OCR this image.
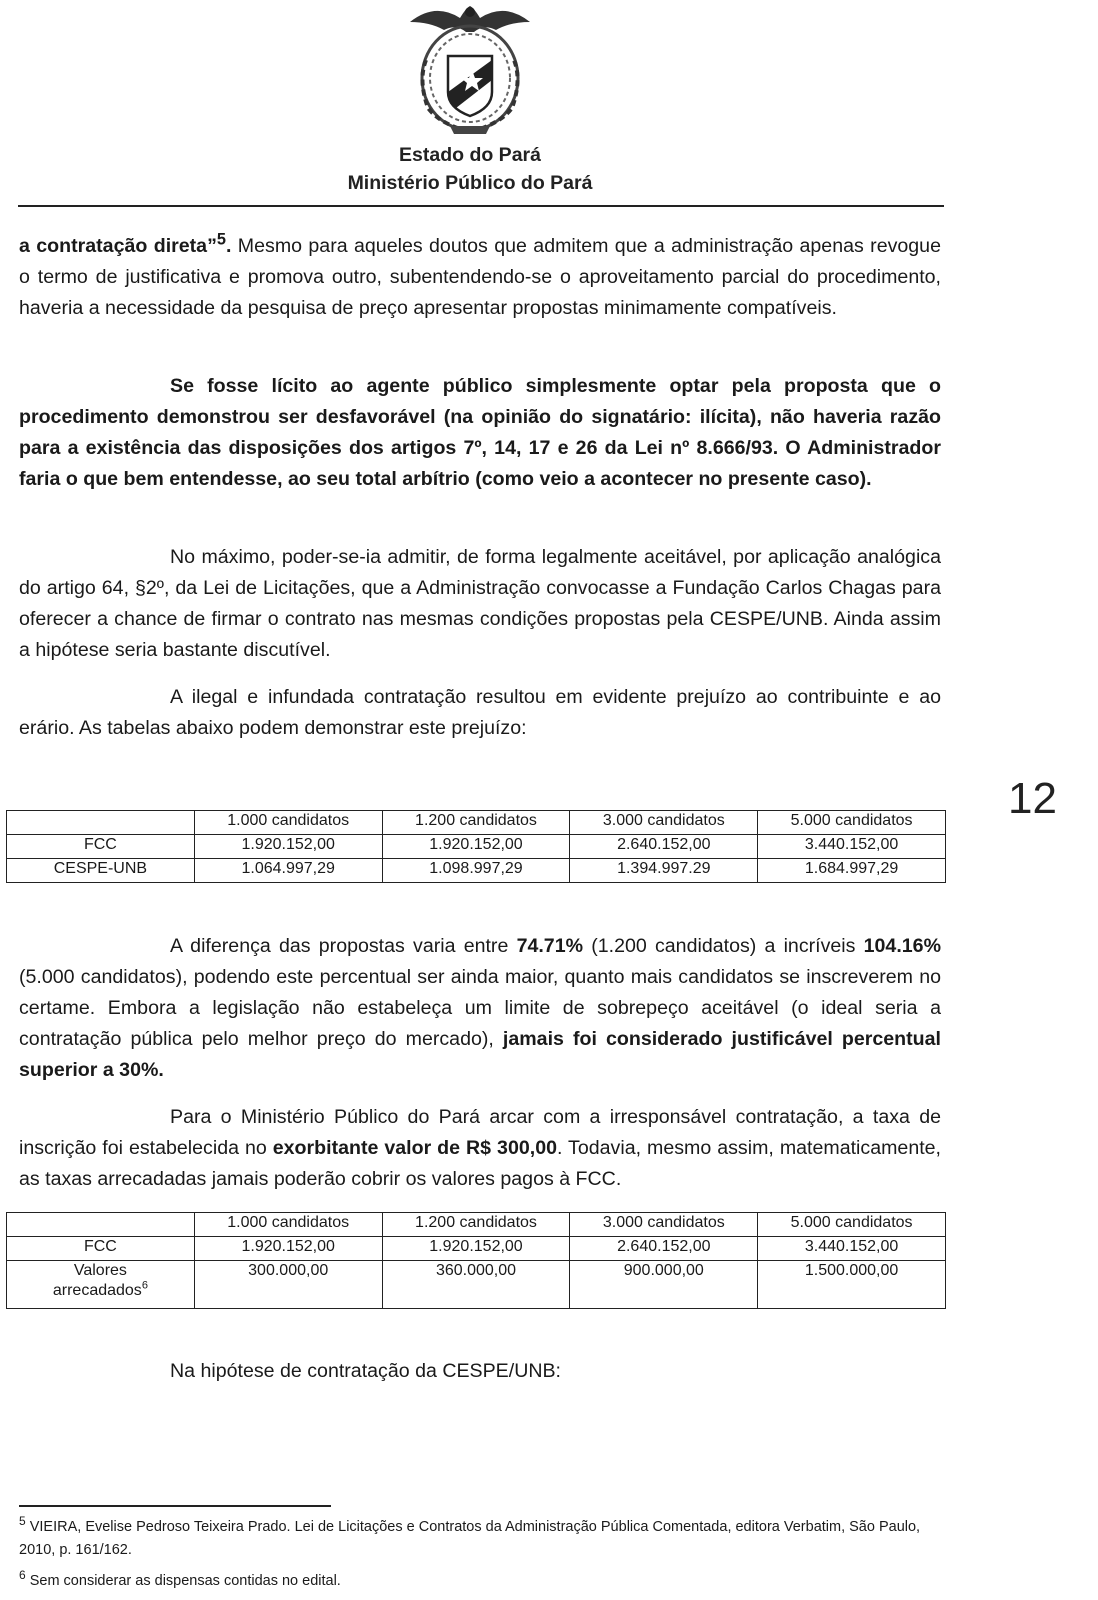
Estado do Pará
Ministério Público do Pará
a contratação direta”$^5$. Mesmo para aqueles doutos que admitem que a administração apenas revogue o termo de justificativa e promova outro, subentendendo-se o aproveitamento parcial do procedimento, haveria a necessidade da pesquisa de preço apresentar propostas minimamente compatíveis.
Se fosse lícito ao agente público simplesmente optar pela proposta que o procedimento demonstrou ser desfavorável (na opinião do signatário: ilícita), não haveria razão para a existência das disposições dos artigos 7º, 14, 17 e 26 da Lei nº 8.666/93. O Administrador faria o que bem entendesse, ao seu total arbítrio (como veio a acontecer no presente caso).
No máximo, poder-se-ia admitir, de forma legalmente aceitável, por aplicação analógica do artigo 64, §2º, da Lei de Licitações, que a Administração convocasse a Fundação Carlos Chagas para oferecer a chance de firmar o contrato nas mesmas condições propostas pela CESPE/UNB. Ainda assim a hipótese seria bastante discutível.
A ilegal e infundada contratação resultou em evidente prejuízo ao contribuinte e ao erário. As tabelas abaixo podem demonstrar este prejuízo:
12
	1.000 candidatos	1.200 candidatos	3.000 candidatos	5.000 candidatos
FCC	1.920.152,00	1.920.152,00	2.640.152,00	3.440.152,00
CESPE-UNB	1.064.997,29	1.098.997,29	1.394.997.29	1.684.997,29
A diferença das propostas varia entre 74.71% (1.200 candidatos) a incríveis 104.16% (5.000 candidatos), podendo este percentual ser ainda maior, quanto mais candidatos se inscreverem no certame. Embora a legislação não estabeleça um limite de sobrepeço aceitável (o ideal seria a contratação pública pelo melhor preço do mercado), jamais foi considerado justificável percentual superior a 30%.
Para o Ministério Público do Pará arcar com a irresponsável contratação, a taxa de inscrição foi estabelecida no exorbitante valor de R$ 300,00. Todavia, mesmo assim, matematicamente, as taxas arrecadadas jamais poderão cobrir os valores pagos à FCC.
	1.000 candidatos	1.200 candidatos	3.000 candidatos	5.000 candidatos
FCC	1.920.152,00	1.920.152,00	2.640.152,00	3.440.152,00

Valores
arrecadados$^6$	300.000,00	360.000,00	900.000,00	1.500.000,00
Na hipótese de contratação da CESPE/UNB:
$^5$ VIEIRA, Evelise Pedroso Teixeira Prado. Lei de Licitações e Contratos da Administração Pública Comentada, editora Verbatim, São Paulo, 2010, p. 161/162.
$^6$ Sem considerar as dispensas contidas no edital.
